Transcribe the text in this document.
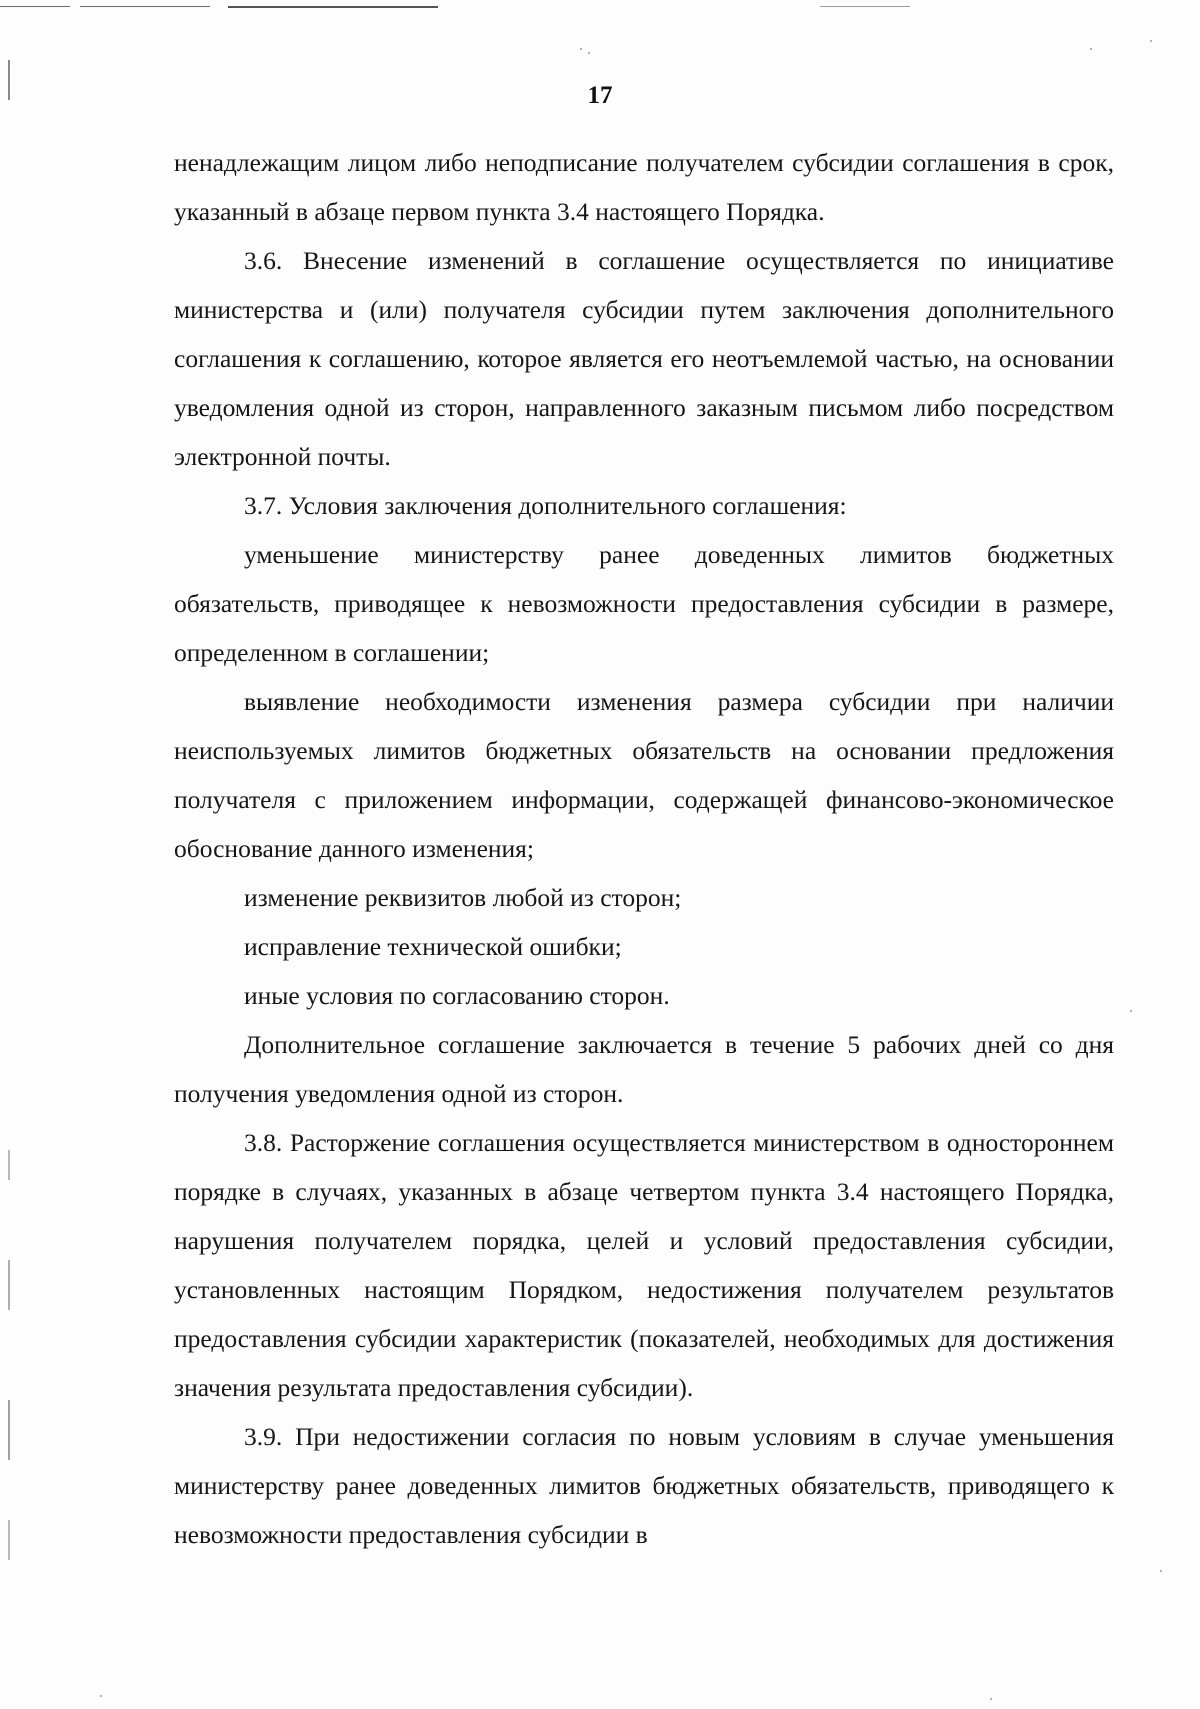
17

ненадлежащим лицом либо неподписание получателем субсидии соглашения в срок, указанный в абзаце первом пункта 3.4 настоящего Порядка.

3.6. Внесение изменений в соглашение осуществляется по инициативе министерства и (или) получателя субсидии путем заключения дополнительного соглашения к соглашению, которое является его неотъемлемой частью, на основании уведомления одной из сторон, направленного заказным письмом либо посредством электронной почты.

3.7. Условия заключения дополнительного соглашения:

уменьшение министерству ранее доведенных лимитов бюджетных обязательств, приводящее к невозможности предоставления субсидии в размере, определенном в соглашении;

выявление необходимости изменения размера субсидии при наличии неиспользуемых лимитов бюджетных обязательств на основании предложения получателя с приложением информации, содержащей финансово-экономическое обоснование данного изменения;

изменение реквизитов любой из сторон;

исправление технической ошибки;

иные условия по согласованию сторон.

Дополнительное соглашение заключается в течение 5 рабочих дней со дня получения уведомления одной из сторон.

3.8. Расторжение соглашения осуществляется министерством в одностороннем порядке в случаях, указанных в абзаце четвертом пункта 3.4 настоящего Порядка, нарушения получателем порядка, целей и условий предоставления субсидии, установленных настоящим Порядком, недостижения получателем результатов предоставления субсидии характеристик (показателей, необходимых для достижения значения результата предоставления субсидии).

3.9. При недостижении согласия по новым условиям в случае уменьшения министерству ранее доведенных лимитов бюджетных обязательств, приводящего к невозможности предоставления субсидии в
